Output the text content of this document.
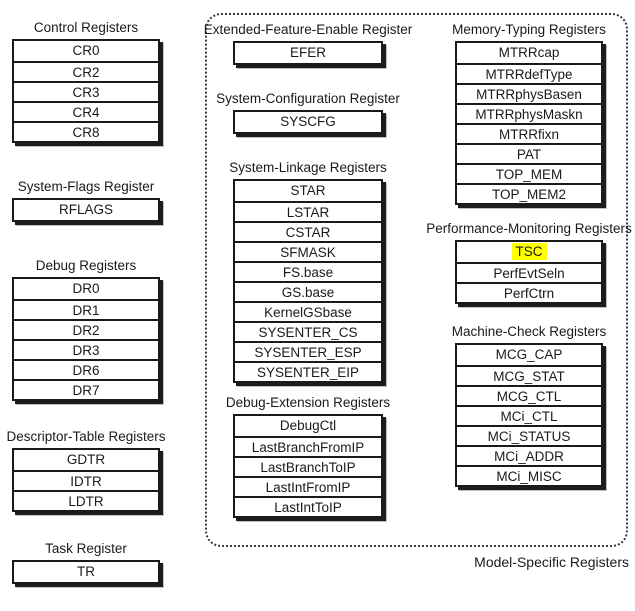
Control Registers
CR0
CR2
CR3
CR4
CR8
System-Flags Register
RFLAGS
Debug Registers
DR0
DR1
DR2
DR3
DR6
DR7
Descriptor-Table Registers
GDTR
IDTR
LDTR
Task Register
TR
Extended-Feature-Enable Register
EFER
System-Configuration Register
SYSCFG
System-Linkage Registers
STAR
LSTAR
CSTAR
SFMASK
FS.base
GS.base
KernelGSbase
SYSENTER_CS
SYSENTER_ESP
SYSENTER_EIP
Debug-Extension Registers
DebugCtl
LastBranchFromIP
LastBranchToIP
LastIntFromIP
LastIntToIP
Memory-Typing Registers
MTRRcap
MTRRdefType
MTRRphysBasen
MTRRphysMaskn
MTRRfixn
PAT
TOP_MEM
TOP_MEM2
Performance-Monitoring Registers
TSC
PerfEvtSeln
PerfCtrn
Machine-Check Registers
MCG_CAP
MCG_STAT
MCG_CTL
MCi_CTL
MCi_STATUS
MCi_ADDR
MCi_MISC
Model-Specific Registers
